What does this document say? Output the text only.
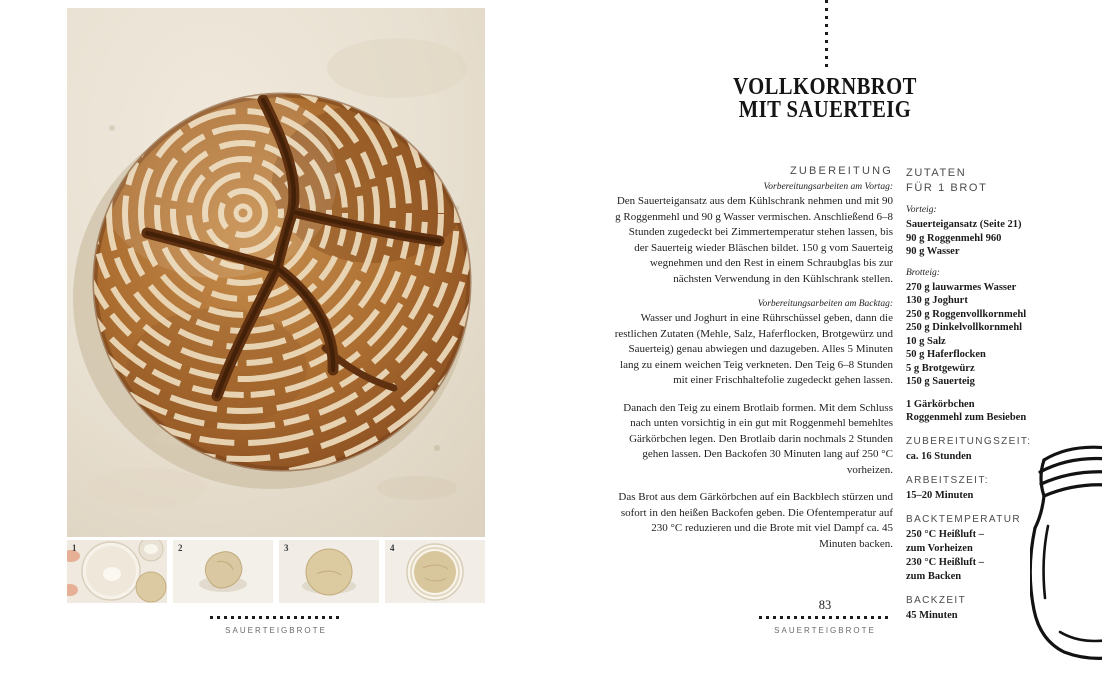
1	2	3	4
SAUERTEIGBROTE
VOLLKORNBROT
MIT SAUERTEIG
ZUBEREITUNG
Vorbereitungsarbeiten am Vortag:

Den Sauerteigansatz aus dem Kühlschrank nehmen und mit 90 g Roggenmehl und 90 g Wasser vermischen. Anschließend 6–8 Stunden zugedeckt bei Zimmertemperatur stehen lassen, bis der Sauerteig wieder Bläschen bildet. 150 g vom Sauerteig wegnehmen und den Rest in einem Schraubglas bis zur nächsten Verwendung in den Kühlschrank stellen.

Vorbereitungsarbeiten am Backtag:

Wasser und Joghurt in eine Rührschüssel geben, dann die restlichen Zutaten (Mehle, Salz, Haferflocken, Brotgewürz und Sauerteig) genau abwiegen und dazugeben. Alles 5 Minuten lang zu einem weichen Teig verkneten. Den Teig 6–8 Stunden mit einer Frischhaltefolie zugedeckt gehen lassen.

Danach den Teig zu einem Brotlaib formen. Mit dem Schluss nach unten vorsichtig in ein gut mit Roggenmehl bemehltes Gärkörbchen legen. Den Brotlaib darin nochmals 2 Stunden gehen lassen. Den Backofen 30 Minuten lang auf 250 °C vorheizen.

Das Brot aus dem Gärkörbchen auf ein Backblech stürzen und sofort in den heißen Backofen geben. Die Ofentemperatur auf 230 °C reduzieren und die Brote mit viel Dampf ca. 45 Minuten backen.

ZUTATEN
FÜR 1 BROT
Vorteig:
Sauerteigansatz (Seite 21)
90 g Roggenmehl 960
90 g Wasser
Brotteig:
270 g lauwarmes Wasser
130 g Joghurt
250 g Roggenvollkornmehl
250 g Dinkelvollkornmehl
10 g Salz
50 g Haferflocken
5 g Brotgewürz
150 g Sauerteig
1 Gärkörbchen
Roggenmehl zum Besieben
ZUBEREITUNGSZEIT:
ca. 16 Stunden
ARBEITSZEIT:
15–20 Minuten
BACKTEMPERATUR
250 °C Heißluft –
zum Vorheizen
230 °C Heißluft –
zum Backen
BACKZEIT
45 Minuten
83
SAUERTEIGBROTE
